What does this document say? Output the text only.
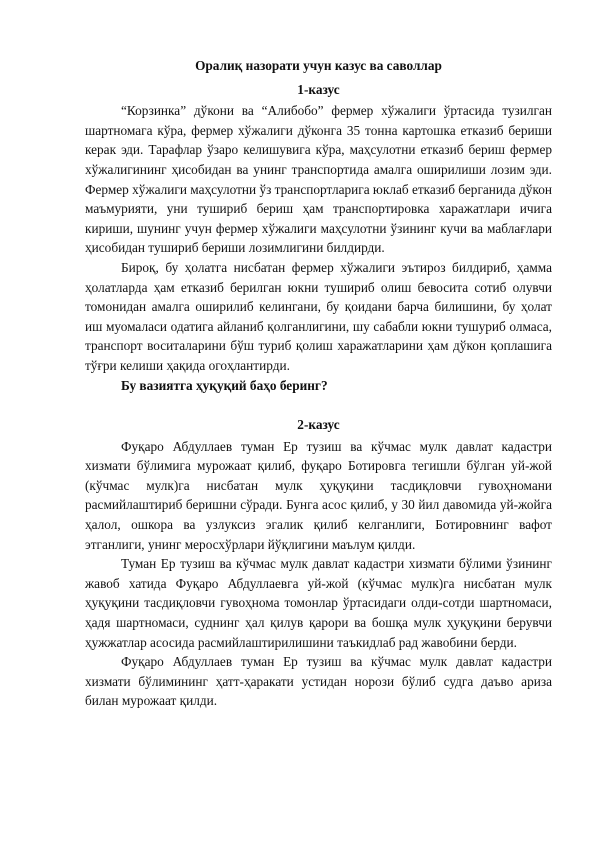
Оралиқ назорати учун казус ва саволлар
1-казус

“Корзинка” дўкони ва “Алибобо” фермер хўжалиги ўртасида тузилган шартномага кўра, фермер хўжалиги дўконга 35 тонна картошка етказиб бериши керак эди. Тарафлар ўзаро келишувига кўра, маҳсулотни етказиб бериш фермер хўжалигининг ҳисобидан ва унинг транспортида амалга оширилиши лозим эди. Фермер хўжалиги маҳсулотни ўз транспортларига юклаб етказиб берганида дўкон маъмурияти, уни тушириб бериш ҳам транспортировка харажатлари ичига кириши, шунинг учун фермер хўжалиги маҳсулотни ўзининг кучи ва маблағлари ҳисобидан тушириб бериши лозимлигини билдирди.

Бироқ, бу ҳолатга нисбатан фермер хўжалиги эътироз билдириб, ҳамма ҳолатларда ҳам етказиб берилган юкни тушириб олиш бевосита сотиб олувчи томонидан амалга оширилиб келингани, бу қоидани барча билишини, бу ҳолат иш муомаласи одатига айланиб қолганлигини, шу сабабли юкни тушуриб олмаса, транспорт воситаларини бўш туриб қолиш харажатларини ҳам дўкон қоплашига тўғри келиши ҳақида огоҳлантирди.

Бу вазиятга ҳуқуқий баҳо беринг?

2-казус

Фуқаро Абдуллаев туман Ер тузиш ва кўчмас мулк давлат кадастри хизмати бўлимига мурожаат қилиб, фуқаро Ботировга тегишли бўлган уй-жой (кўчмас мулк)га нисбатан мулк ҳуқуқини тасдиқловчи гувоҳномани расмийлаштириб беришни сўради. Бунга асос қилиб, у 30 йил давомида уй-жойга ҳалол, ошкора ва узлуксиз эгалик қилиб келганлиги, Ботировнинг вафот этганлиги, унинг меросхўрлари йўқлигини маълум қилди.

Туман Ер тузиш ва кўчмас мулк давлат кадастри хизмати бўлими ўзининг жавоб хатида Фуқаро Абдуллаевга уй-жой (кўчмас мулк)га нисбатан мулк ҳуқуқини тасдиқловчи гувоҳнома томонлар ўртасидаги олди-сотди шартномаси, ҳадя шартномаси, суднинг ҳал қилув қарори ва бошқа мулк ҳуқуқини берувчи ҳужжатлар асосида расмийлаштирилишини таъкидлаб рад жавобини берди.

Фуқаро Абдуллаев туман Ер тузиш ва кўчмас мулк давлат кадастри хизмати бўлимининг ҳатт-ҳаракати устидан норози бўлиб судга даъво ариза билан мурожаат қилди.
